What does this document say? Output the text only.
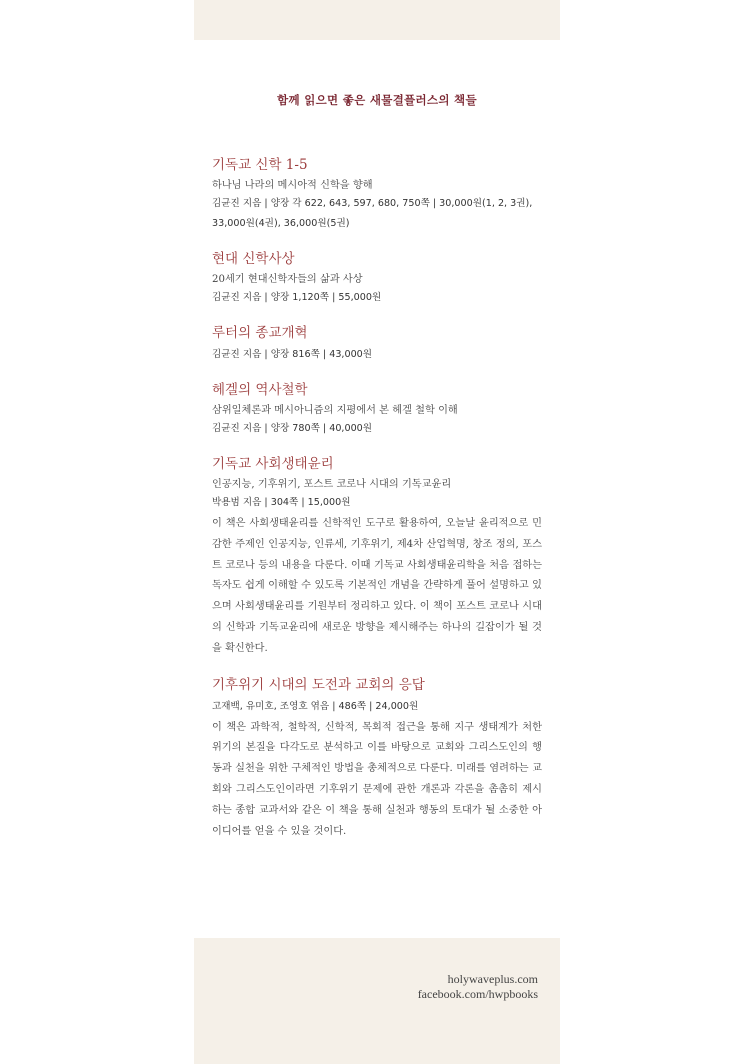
함께 읽으면 좋은 새물결플러스의 책들
기독교 신학 1-5
하나님 나라의 메시아적 신학을 향해
김균진 지음 | 양장 각 622, 643, 597, 680, 750쪽 | 30,000원(1, 2, 3권),
33,000원(4권), 36,000원(5권)
현대 신학사상
20세기 현대신학자들의 삶과 사상
김균진 지음 | 양장 1,120쪽 | 55,000원
루터의 종교개혁
김균진 지음 | 양장 816쪽 | 43,000원
헤겔의 역사철학
삼위일체론과 메시아니즘의 지평에서 본 헤겔 철학 이해
김균진 지음 | 양장 780쪽 | 40,000원
기독교 사회생태윤리
인공지능, 기후위기, 포스트 코로나 시대의 기독교윤리
박용범 지음 | 304쪽 | 15,000원
이 책은 사회생태윤리를 신학적인 도구로 활용하여, 오늘날 윤리적으로 민감한 주제인 인공지능, 인류세, 기후위기, 제4차 산업혁명, 창조 정의, 포스트 코로나 등의 내용을 다룬다. 이때 기독교 사회생태윤리학을 처음 접하는 독자도 쉽게 이해할 수 있도록 기본적인 개념을 간략하게 풀어 설명하고 있으며 사회생태윤리를 기원부터 정리하고 있다. 이 책이 포스트 코로나 시대의 신학과 기독교윤리에 새로운 방향을 제시해주는 하나의 길잡이가 될 것을 확신한다.
기후위기 시대의 도전과 교회의 응답
고재백, 유미호, 조영호 엮음 | 486쪽 | 24,000원
이 책은 과학적, 철학적, 신학적, 목회적 접근을 통해 지구 생태계가 처한 위기의 본질을 다각도로 분석하고 이를 바탕으로 교회와 그리스도인의 행동과 실천을 위한 구체적인 방법을 총체적으로 다룬다. 미래를 염려하는 교회와 그리스도인이라면 기후위기 문제에 관한 개론과 각론을 촘촘히 제시하는 종합 교과서와 같은 이 책을 통해 실천과 행동의 토대가 될 소중한 아이디어를 얻을 수 있을 것이다.
holywaveplus.com
facebook.com/hwpbooks
